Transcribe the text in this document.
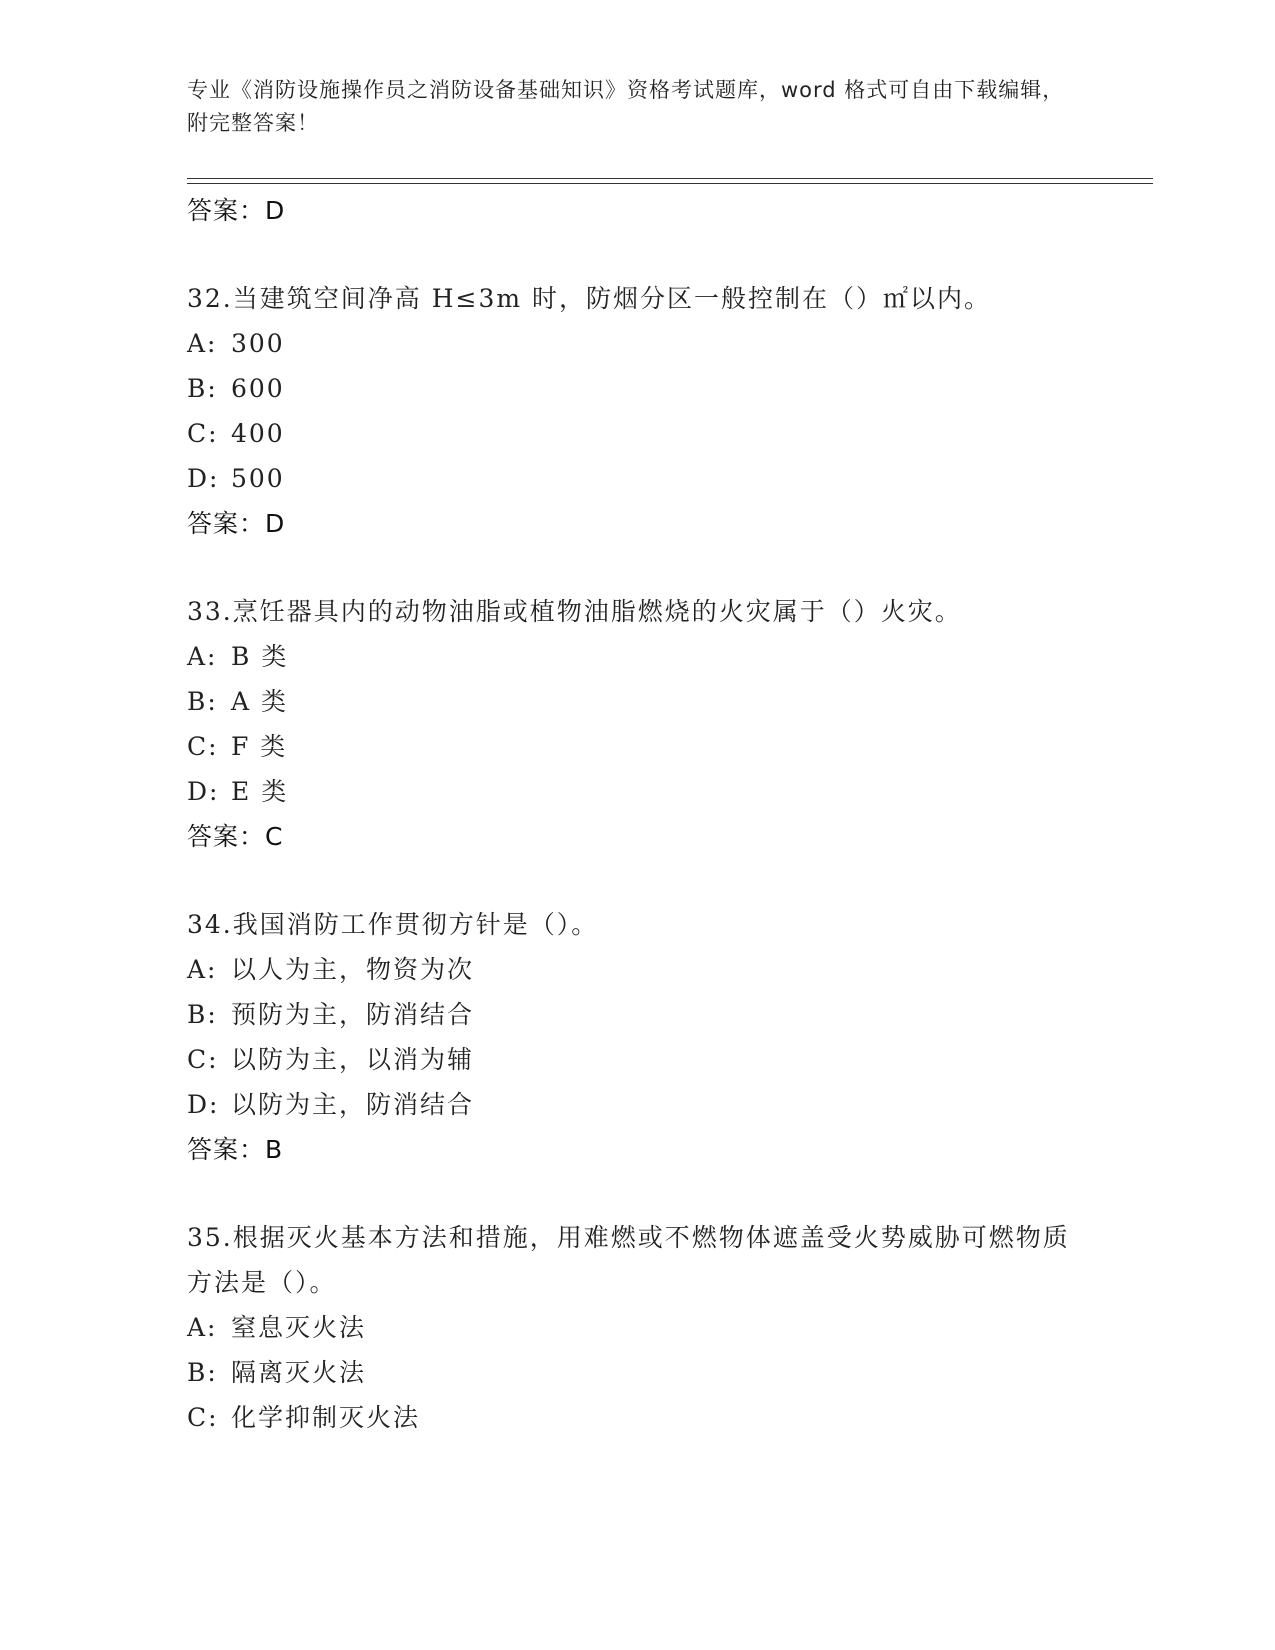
专业《消防设施操作员之消防设备基础知识》资格考试题库，word 格式可自由下载编辑，附完整答案！
答案：D
32.当建筑空间净高 H≤3m 时，防烟分区一般控制在（）㎡以内。
A: 300
B: 600
C: 400
D: 500
答案：D
33.烹饪器具内的动物油脂或植物油脂燃烧的火灾属于（）火灾。
A: B 类
B: A 类
C: F 类
D: E 类
答案：C
34.我国消防工作贯彻方针是（）。
A: 以人为主，物资为次
B: 预防为主，防消结合
C: 以防为主，以消为辅
D: 以防为主，防消结合
答案：B
35.根据灭火基本方法和措施，用难燃或不燃物体遮盖受火势威胁可燃物质方法是（）。
A: 窒息灭火法
B: 隔离灭火法
C: 化学抑制灭火法
